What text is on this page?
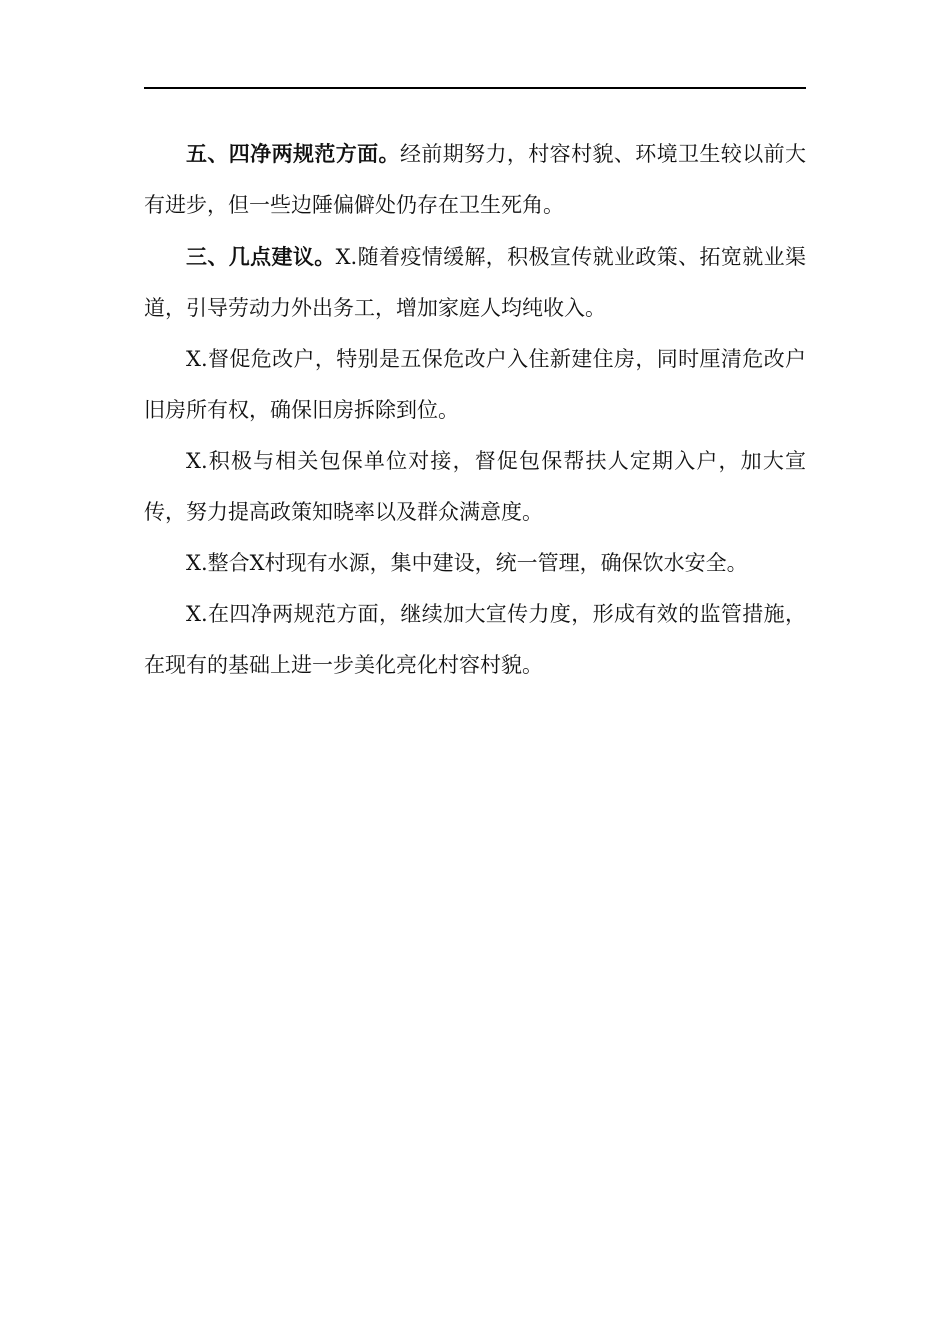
五、四净两规范方面。经前期努力，村容村貌、环境卫生较以前大有进步，但一些边陲偏僻处仍存在卫生死角。

三、几点建议。X.随着疫情缓解，积极宣传就业政策、拓宽就业渠道，引导劳动力外出务工，增加家庭人均纯收入。

X.督促危改户，特别是五保危改户入住新建住房，同时厘清危改户旧房所有权，确保旧房拆除到位。

X.积极与相关包保单位对接，督促包保帮扶人定期入户，加大宣传，努力提高政策知晓率以及群众满意度。

X.整合X村现有水源，集中建设，统一管理，确保饮水安全。

X.在四净两规范方面，继续加大宣传力度，形成有效的监管措施，在现有的基础上进一步美化亮化村容村貌。
